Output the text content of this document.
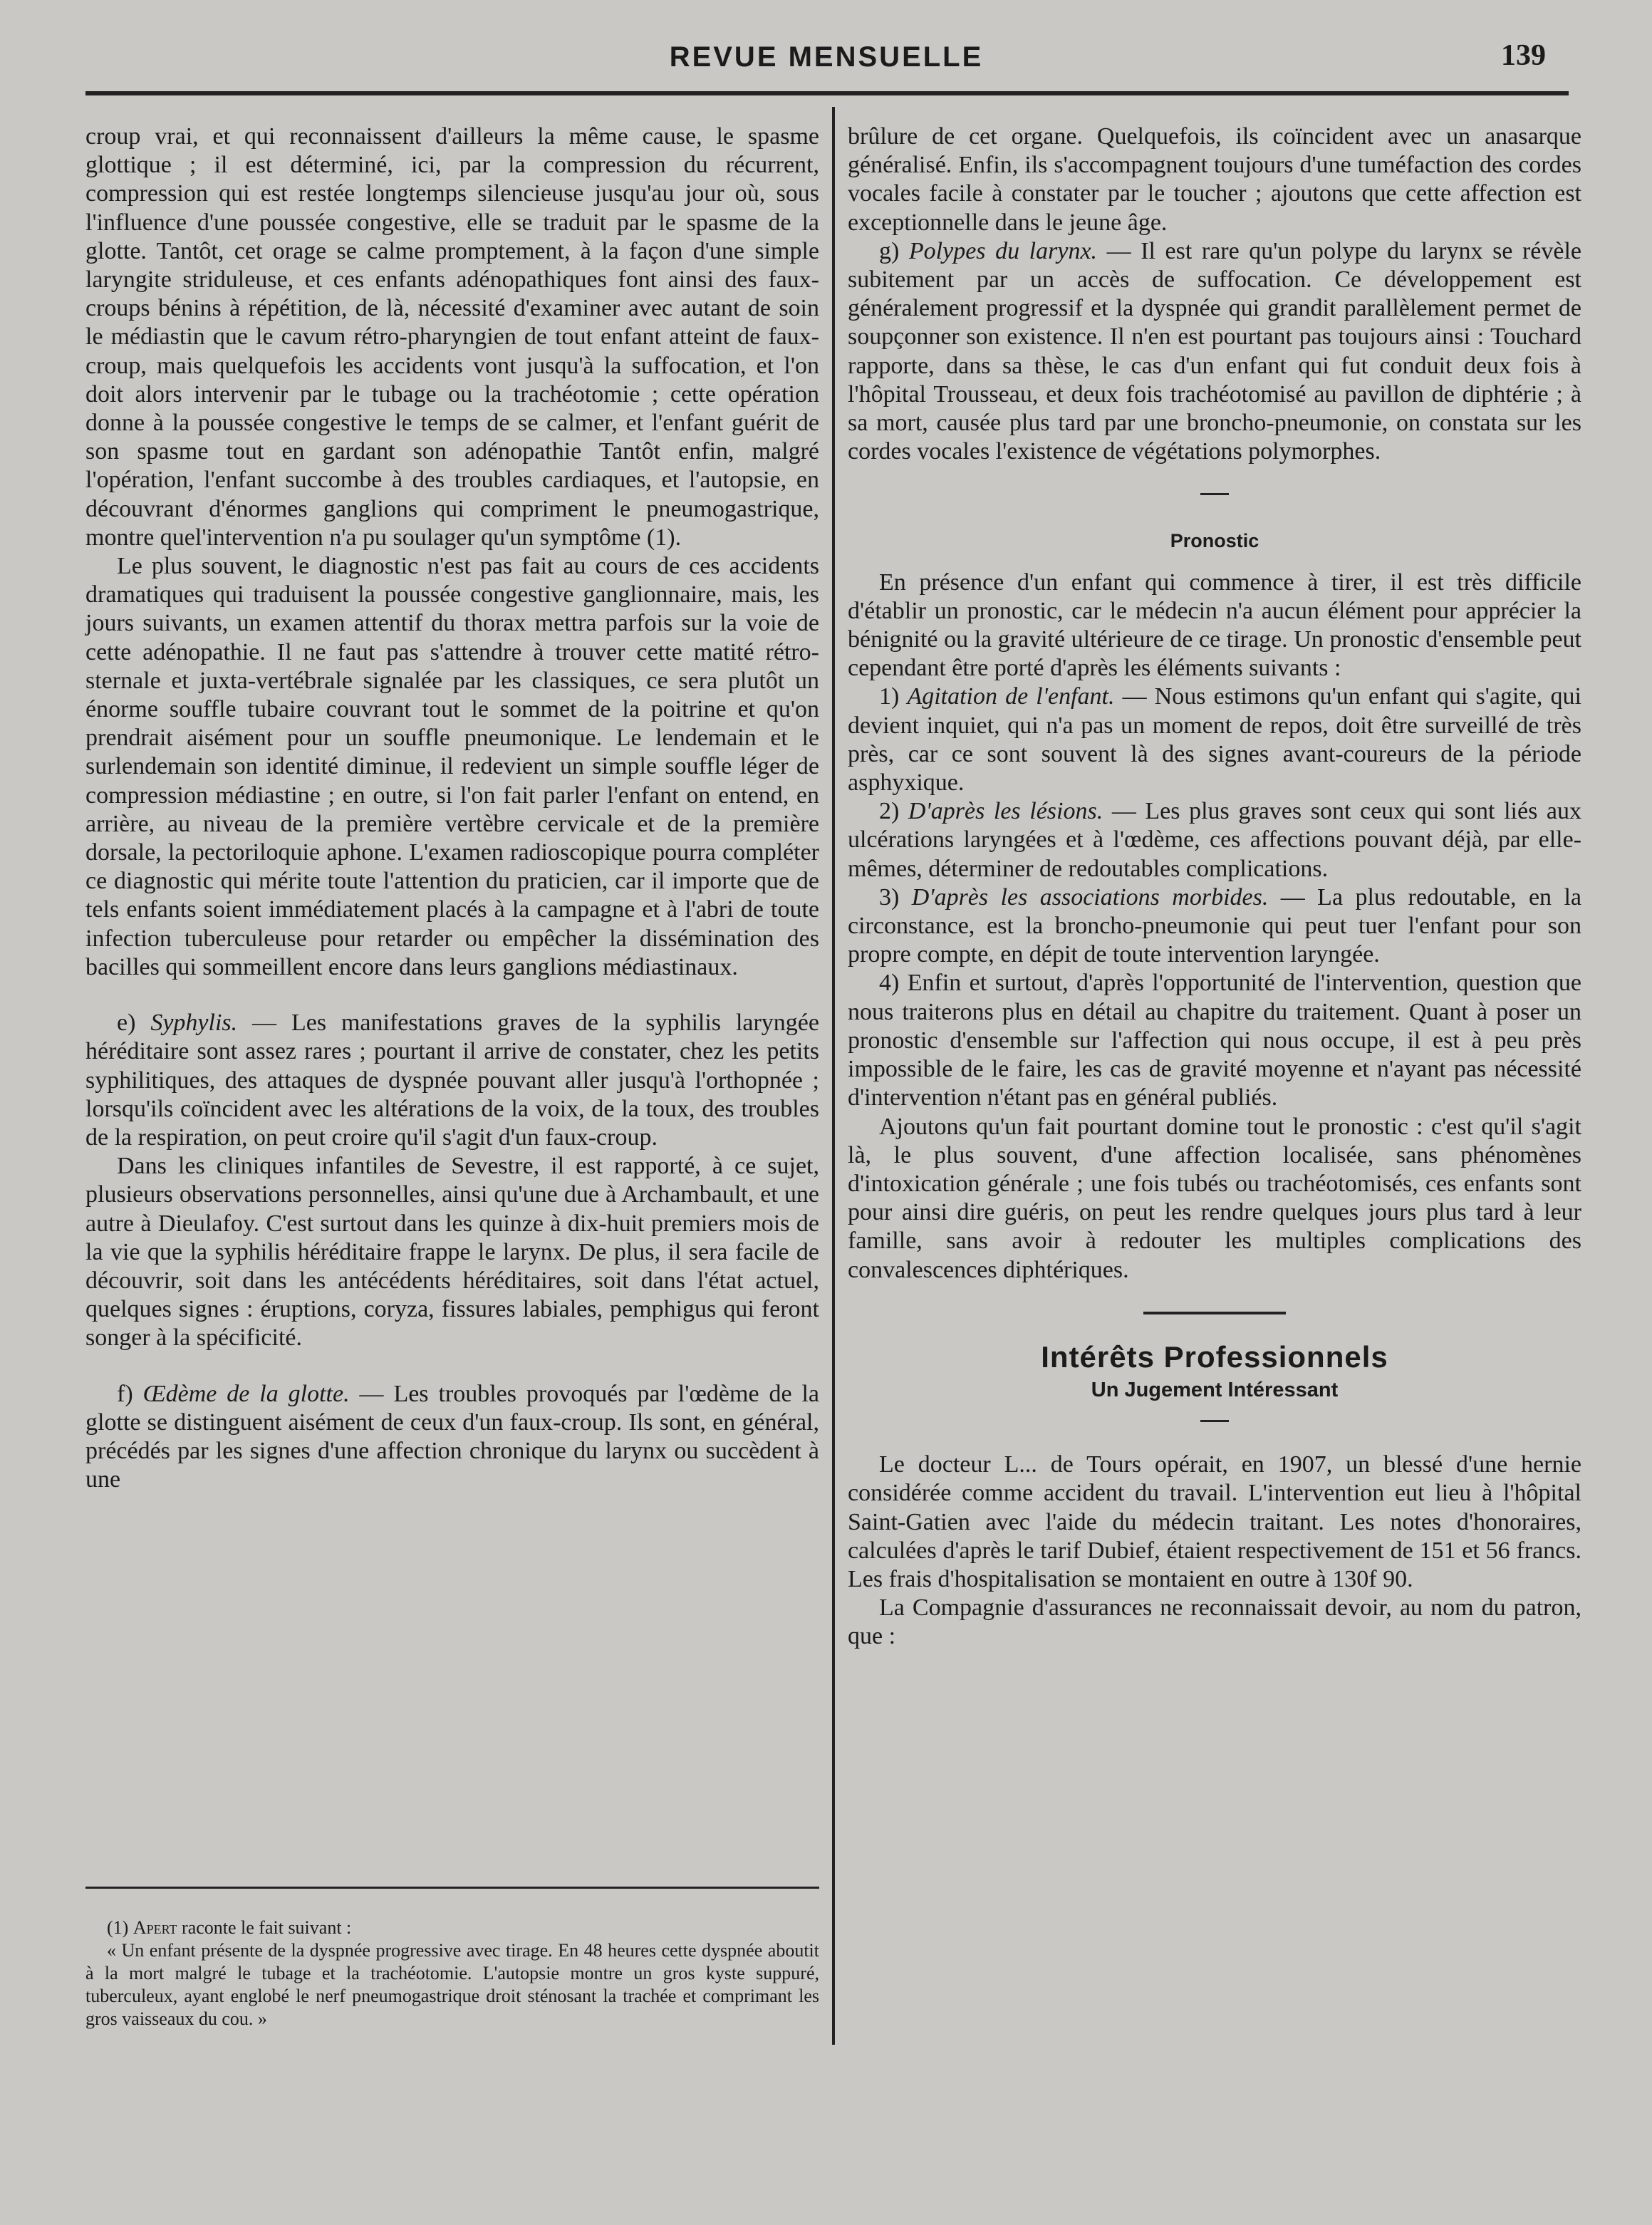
REVUE MENSUELLE	139

croup vrai, et qui reconnaissent d'ailleurs la même cause, le spasme glottique ; il est déterminé, ici, par la compression du récurrent, compression qui est restée longtemps silencieuse jusqu'au jour où, sous l'influence d'une poussée congestive, elle se traduit par le spasme de la glotte. Tantôt, cet orage se calme promptement, à la façon d'une simple laryngite striduleuse, et ces enfants adénopathiques font ainsi des faux-croups bénins à répétition, de là, nécessité d'examiner avec autant de soin le médiastin que le cavum rétro-pharyngien de tout enfant atteint de faux-croup, mais quelquefois les accidents vont jusqu'à la suffocation, et l'on doit alors intervenir par le tubage ou la trachéotomie ; cette opération donne à la poussée congestive le temps de se calmer, et l'enfant guérit de son spasme tout en gardant son adénopathie Tantôt enfin, malgré l'opération, l'enfant succombe à des troubles cardiaques, et l'autopsie, en découvrant d'énormes ganglions qui compriment le pneumogastrique, montre quel'intervention n'a pu soulager qu'un symptôme (1).

Le plus souvent, le diagnostic n'est pas fait au cours de ces accidents dramatiques qui traduisent la poussée congestive ganglionnaire, mais, les jours suivants, un examen attentif du thorax mettra parfois sur la voie de cette adénopathie. Il ne faut pas s'attendre à trouver cette matité rétro-sternale et juxta-vertébrale signalée par les classiques, ce sera plutôt un énorme souffle tubaire couvrant tout le sommet de la poitrine et qu'on prendrait aisément pour un souffle pneumonique. Le lendemain et le surlendemain son identité diminue, il redevient un simple souffle léger de compression médiastine ; en outre, si l'on fait parler l'enfant on entend, en arrière, au niveau de la première vertèbre cervicale et de la première dorsale, la pectoriloquie aphone. L'examen radioscopique pourra compléter ce diagnostic qui mérite toute l'attention du praticien, car il importe que de tels enfants soient immédiatement placés à la campagne et à l'abri de toute infection tuberculeuse pour retarder ou empêcher la dissémination des bacilles qui sommeillent encore dans leurs ganglions médiastinaux.

e) Syphylis. — Les manifestations graves de la syphilis laryngée héréditaire sont assez rares ; pourtant il arrive de constater, chez les petits syphilitiques, des attaques de dyspnée pouvant aller jusqu'à l'orthopnée ; lorsqu'ils coïncident avec les altérations de la voix, de la toux, des troubles de la respiration, on peut croire qu'il s'agit d'un faux-croup.

Dans les cliniques infantiles de Sevestre, il est rapporté, à ce sujet, plusieurs observations personnelles, ainsi qu'une due à Archambault, et une autre à Dieulafoy. C'est surtout dans les quinze à dix-huit premiers mois de la vie que la syphilis héréditaire frappe le larynx. De plus, il sera facile de découvrir, soit dans les antécédents héréditaires, soit dans l'état actuel, quelques signes : éruptions, coryza, fissures labiales, pemphigus qui feront songer à la spécificité.

f) Œdème de la glotte. — Les troubles provoqués par l'œdème de la glotte se distinguent aisément de ceux d'un faux-croup. Ils sont, en général, précédés par les signes d'une affection chronique du larynx ou succèdent à une

(1) Apert raconte le fait suivant :

« Un enfant présente de la dyspnée progressive avec tirage. En 48 heures cette dyspnée aboutit à la mort malgré le tubage et la trachéotomie. L'autopsie montre un gros kyste suppuré, tuberculeux, ayant englobé le nerf pneumogastrique droit sténosant la trachée et comprimant les gros vaisseaux du cou. »

brûlure de cet organe. Quelquefois, ils coïncident avec un anasarque généralisé. Enfin, ils s'accompagnent toujours d'une tuméfaction des cordes vocales facile à constater par le toucher ; ajoutons que cette affection est exceptionnelle dans le jeune âge.

g) Polypes du larynx. — Il est rare qu'un polype du larynx se révèle subitement par un accès de suffocation. Ce développement est généralement progressif et la dyspnée qui grandit parallèlement permet de soupçonner son existence. Il n'en est pourtant pas toujours ainsi : Touchard rapporte, dans sa thèse, le cas d'un enfant qui fut conduit deux fois à l'hôpital Trousseau, et deux fois trachéotomisé au pavillon de diphtérie ; à sa mort, causée plus tard par une broncho-pneumonie, on constata sur les cordes vocales l'existence de végétations polymorphes.

Pronostic

En présence d'un enfant qui commence à tirer, il est très difficile d'établir un pronostic, car le médecin n'a aucun élément pour apprécier la bénignité ou la gravité ultérieure de ce tirage. Un pronostic d'ensemble peut cependant être porté d'après les éléments suivants :

1) Agitation de l'enfant. — Nous estimons qu'un enfant qui s'agite, qui devient inquiet, qui n'a pas un moment de repos, doit être surveillé de très près, car ce sont souvent là des signes avant-coureurs de la période asphyxique.

2) D'après les lésions. — Les plus graves sont ceux qui sont liés aux ulcérations laryngées et à l'œdème, ces affections pouvant déjà, par elle-mêmes, déterminer de redoutables complications.

3) D'après les associations morbides. — La plus redoutable, en la circonstance, est la broncho-pneumonie qui peut tuer l'enfant pour son propre compte, en dépit de toute intervention laryngée.

4) Enfin et surtout, d'après l'opportunité de l'intervention, question que nous traiterons plus en détail au chapitre du traitement. Quant à poser un pronostic d'ensemble sur l'affection qui nous occupe, il est à peu près impossible de le faire, les cas de gravité moyenne et n'ayant pas nécessité d'intervention n'étant pas en général publiés.

Ajoutons qu'un fait pourtant domine tout le pronostic : c'est qu'il s'agit là, le plus souvent, d'une affection localisée, sans phénomènes d'intoxication générale ; une fois tubés ou trachéotomisés, ces enfants sont pour ainsi dire guéris, on peut les rendre quelques jours plus tard à leur famille, sans avoir à redouter les multiples complications des convalescences diphtériques.

Intérêts Professionnels
Un Jugement Intéressant

Le docteur L... de Tours opérait, en 1907, un blessé d'une hernie considérée comme accident du travail. L'intervention eut lieu à l'hôpital Saint-Gatien avec l'aide du médecin traitant. Les notes d'honoraires, calculées d'après le tarif Dubief, étaient respectivement de 151 et 56 francs. Les frais d'hospitalisation se montaient en outre à 130f 90.

La Compagnie d'assurances ne reconnaissait devoir, au nom du patron, que :
